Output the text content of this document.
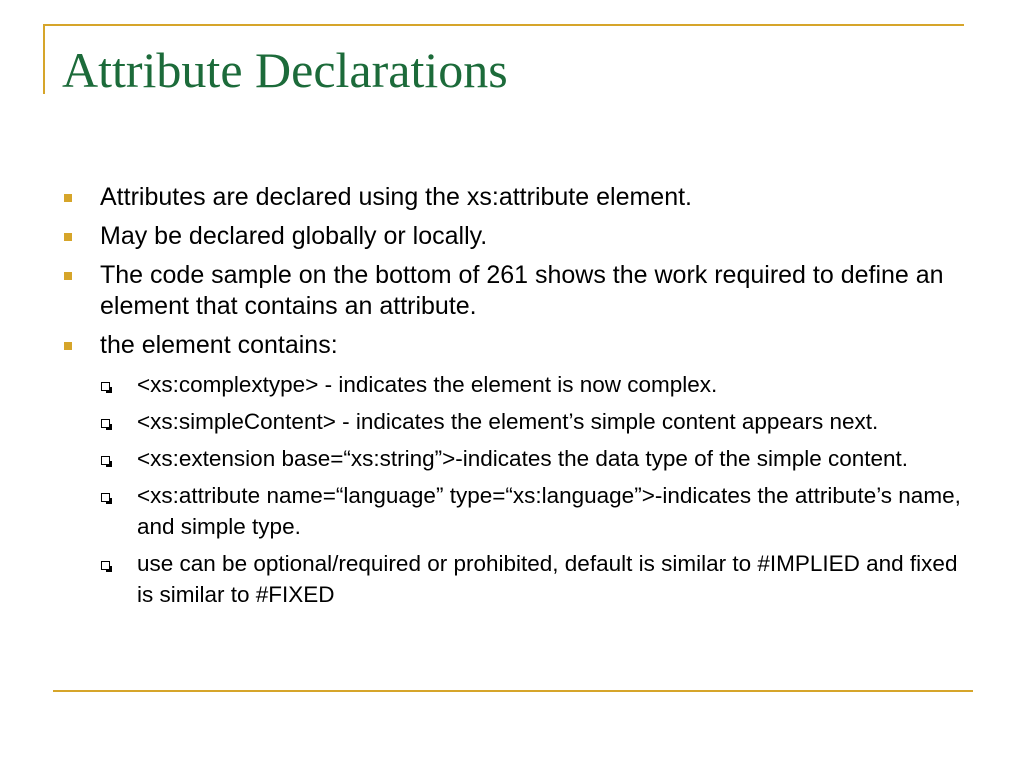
Attribute Declarations
Attributes are declared using the xs:attribute element.
May be declared globally or locally.
The code sample on the bottom of 261 shows the work required to define an element that contains an attribute.
the element contains:
<xs:complextype> - indicates the element is now complex.
<xs:simpleContent> - indicates the element’s simple content appears next.
<xs:extension base=“xs:string”>-indicates the data type of the simple content.
<xs:attribute name=“language” type=“xs:language”>-indicates the attribute’s name, and simple type.
use can be optional/required or prohibited, default is similar to #IMPLIED and fixed is similar to #FIXED
